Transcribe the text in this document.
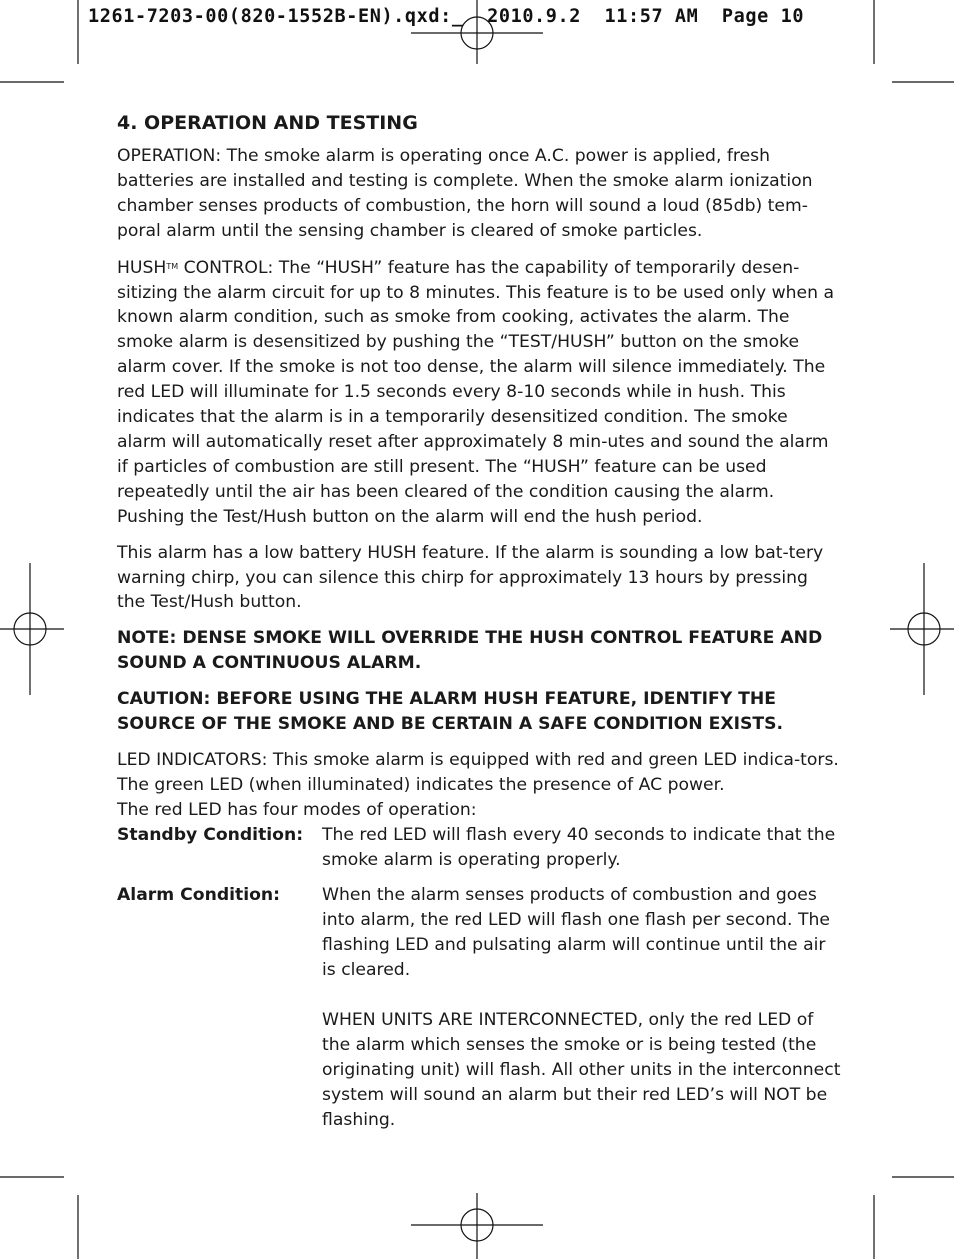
1261-7203-00(820-1552B-EN).qxd:_ 2010.9.2 11:57 AM Page 10
4. OPERATION AND TESTING

OPERATION: The smoke alarm is operating once A.C. power is applied, fresh batteries are installed and testing is complete. When the smoke alarm ionization chamber senses products of combustion, the horn will sound a loud (85db) tem-poral alarm until the sensing chamber is cleared of smoke particles.

HUSH™ CONTROL: The “HUSH” feature has the capability of temporarily desen-sitizing the alarm circuit for up to 8 minutes. This feature is to be used only when a known alarm condition, such as smoke from cooking, activates the alarm. The smoke alarm is desensitized by pushing the “TEST/HUSH” button on the smoke alarm cover. If the smoke is not too dense, the alarm will silence immediately. The red LED will illuminate for 1.5 seconds every 8-10 seconds while in hush. This indicates that the alarm is in a temporarily desensitized condition. The smoke alarm will automatically reset after approximately 8 min-utes and sound the alarm if particles of combustion are still present. The “HUSH” feature can be used repeatedly until the air has been cleared of the condition causing the alarm. Pushing the Test/Hush button on the alarm will end the hush period.

This alarm has a low battery HUSH feature. If the alarm is sounding a low bat-tery warning chirp, you can silence this chirp for approximately 13 hours by pressing the Test/Hush button.

NOTE: DENSE SMOKE WILL OVERRIDE THE HUSH CONTROL FEATURE AND SOUND A CONTINUOUS ALARM.

CAUTION: BEFORE USING THE ALARM HUSH FEATURE, IDENTIFY THE SOURCE OF THE SMOKE AND BE CERTAIN A SAFE CONDITION EXISTS.

LED INDICATORS: This smoke alarm is equipped with red and green LED indica-tors. The green LED (when illuminated) indicates the presence of AC power.
The red LED has four modes of operation:
Standby Condition:	The red LED will flash every 40 seconds to indicate that the smoke alarm is operating properly.
Alarm Condition:	When the alarm senses products of combustion and goes into alarm, the red LED will flash one flash per second. The flashing LED and pulsating alarm will continue until the air is cleared.

WHEN UNITS ARE INTERCONNECTED, only the red LED of the alarm which senses the smoke or is being tested (the originating unit) will flash. All other units in the interconnect system will sound an alarm but their red LED’s will NOT be flashing.
